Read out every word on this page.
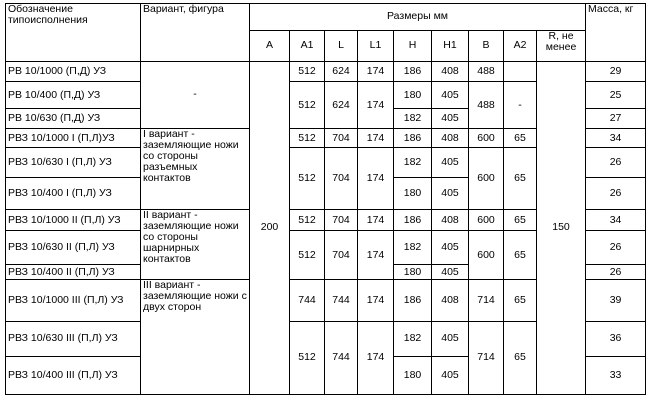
Обозначение типоисполнения	Вариант, фигура	Размеры мм									Масса, кг
		A	A1	L	L1	H	H1	B	A2	R, не менее	
РВ 10/1000 (П,Д) УЗ	-	200	512	624	174	186	408	488		150	29
РВ 10/400 (П,Д) УЗ			512	624	174	180	405	488	-		25
РВ 10/630 (П,Д) УЗ						182	405				27
РВЗ 10/1000 I (П,Л)УЗ	I вариант - заземляющие ножи со стороны разъемных контактов		512	704	174	186	408	600	65		34
РВЗ 10/630 I (П,Л) УЗ			512	704	174	182	405	600	65		26
РВЗ 10/400 I (П,Л) УЗ						180	405				26
РВЗ 10/1000 II (П,Л) УЗ	II вариант - заземляющие ножи со стороны шарнирных контактов		512	704	174	186	408	600	65		34
РВЗ 10/630 II (П,Л) УЗ			512	704	174	182	405	600	65		26
РВЗ 10/400 II (П,Л) УЗ						180	405				26
РВЗ 10/1000 III (П,Л) УЗ	III вариант - заземляющие ножи с двух сторон		744	744	174	186	408	714	65		39
РВЗ 10/630 III (П,Л) УЗ			512	744	174	182	405	714	65		36
РВЗ 10/400 III (П,Л) УЗ						180	405				33
